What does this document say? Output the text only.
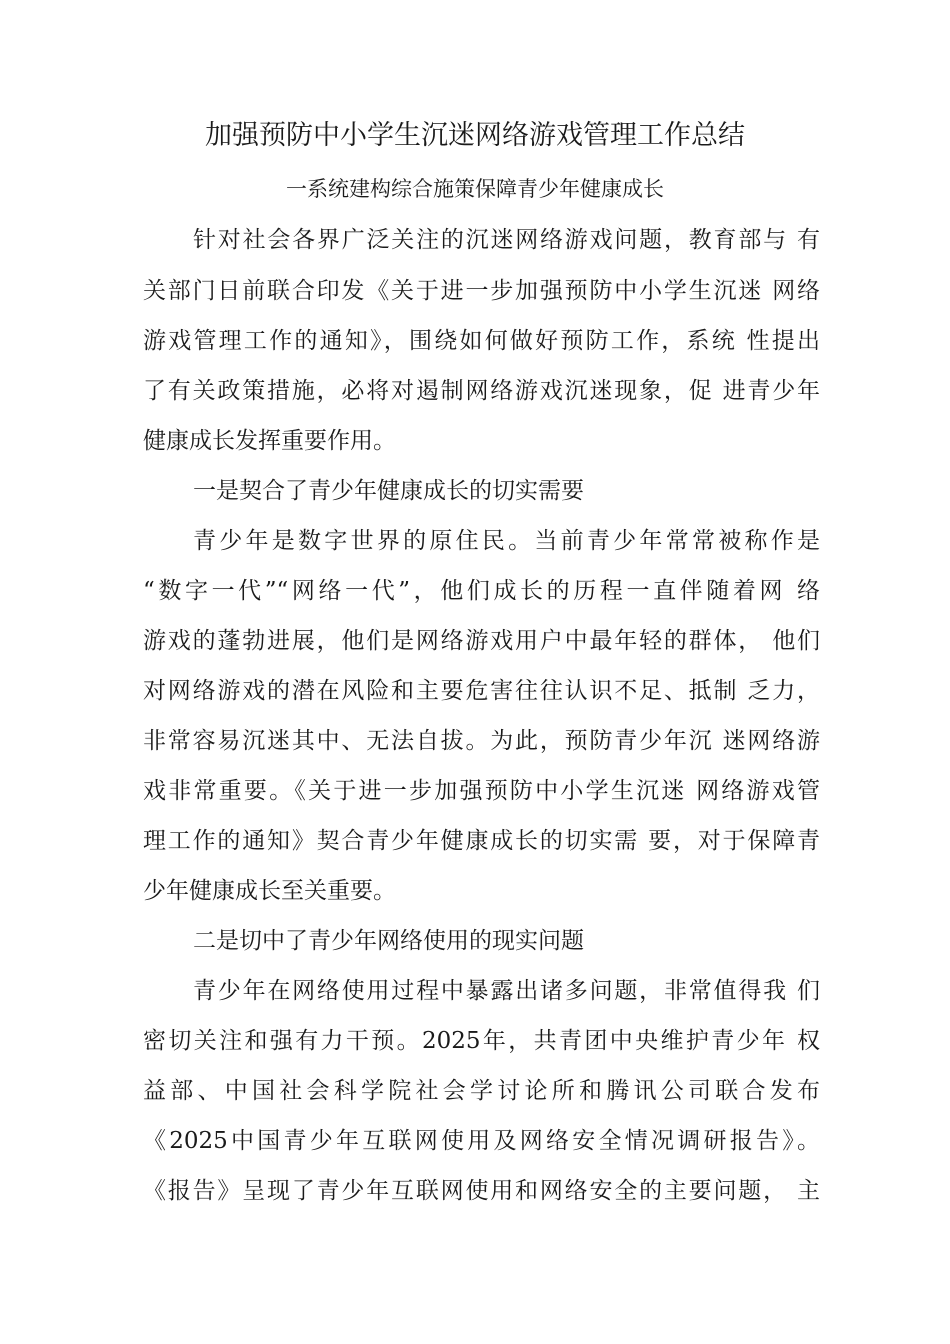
加强预防中小学生沉迷网络游戏管理工作总结
一系统建构综合施策保障青少年健康成长
针对社会各界广泛关注的沉迷网络游戏问题，教育部与 有
关部门日前联合印发《关于进一步加强预防中小学生沉迷 网络
游戏管理工作的通知》，围绕如何做好预防工作，系统 性提出
了有关政策措施，必将对遏制网络游戏沉迷现象，促 进青少年
健康成长发挥重要作用。
一是契合了青少年健康成长的切实需要
青少年是数字世界的原住民。当前青少年常常被称作是
“数字一代”“网络一代”，他们成长的历程一直伴随着网 络
游戏的蓬勃进展，他们是网络游戏用户中最年轻的群体， 他们
对网络游戏的潜在风险和主要危害往往认识不足、抵制 乏力，
非常容易沉迷其中、无法自拔。为此，预防青少年沉 迷网络游
戏非常重要。《关于进一步加强预防中小学生沉迷 网络游戏管
理工作的通知》契合青少年健康成长的切实需 要，对于保障青
少年健康成长至关重要。
二是切中了青少年网络使用的现实问题
青少年在网络使用过程中暴露出诸多问题，非常值得我 们
密切关注和强有力干预。2025年，共青团中央维护青少年 权
益部、中国社会科学院社会学讨论所和腾讯公司联合发布
《2025中国青少年互联网使用及网络安全情况调研报告》。
《报告》呈现了青少年互联网使用和网络安全的主要问题， 主
